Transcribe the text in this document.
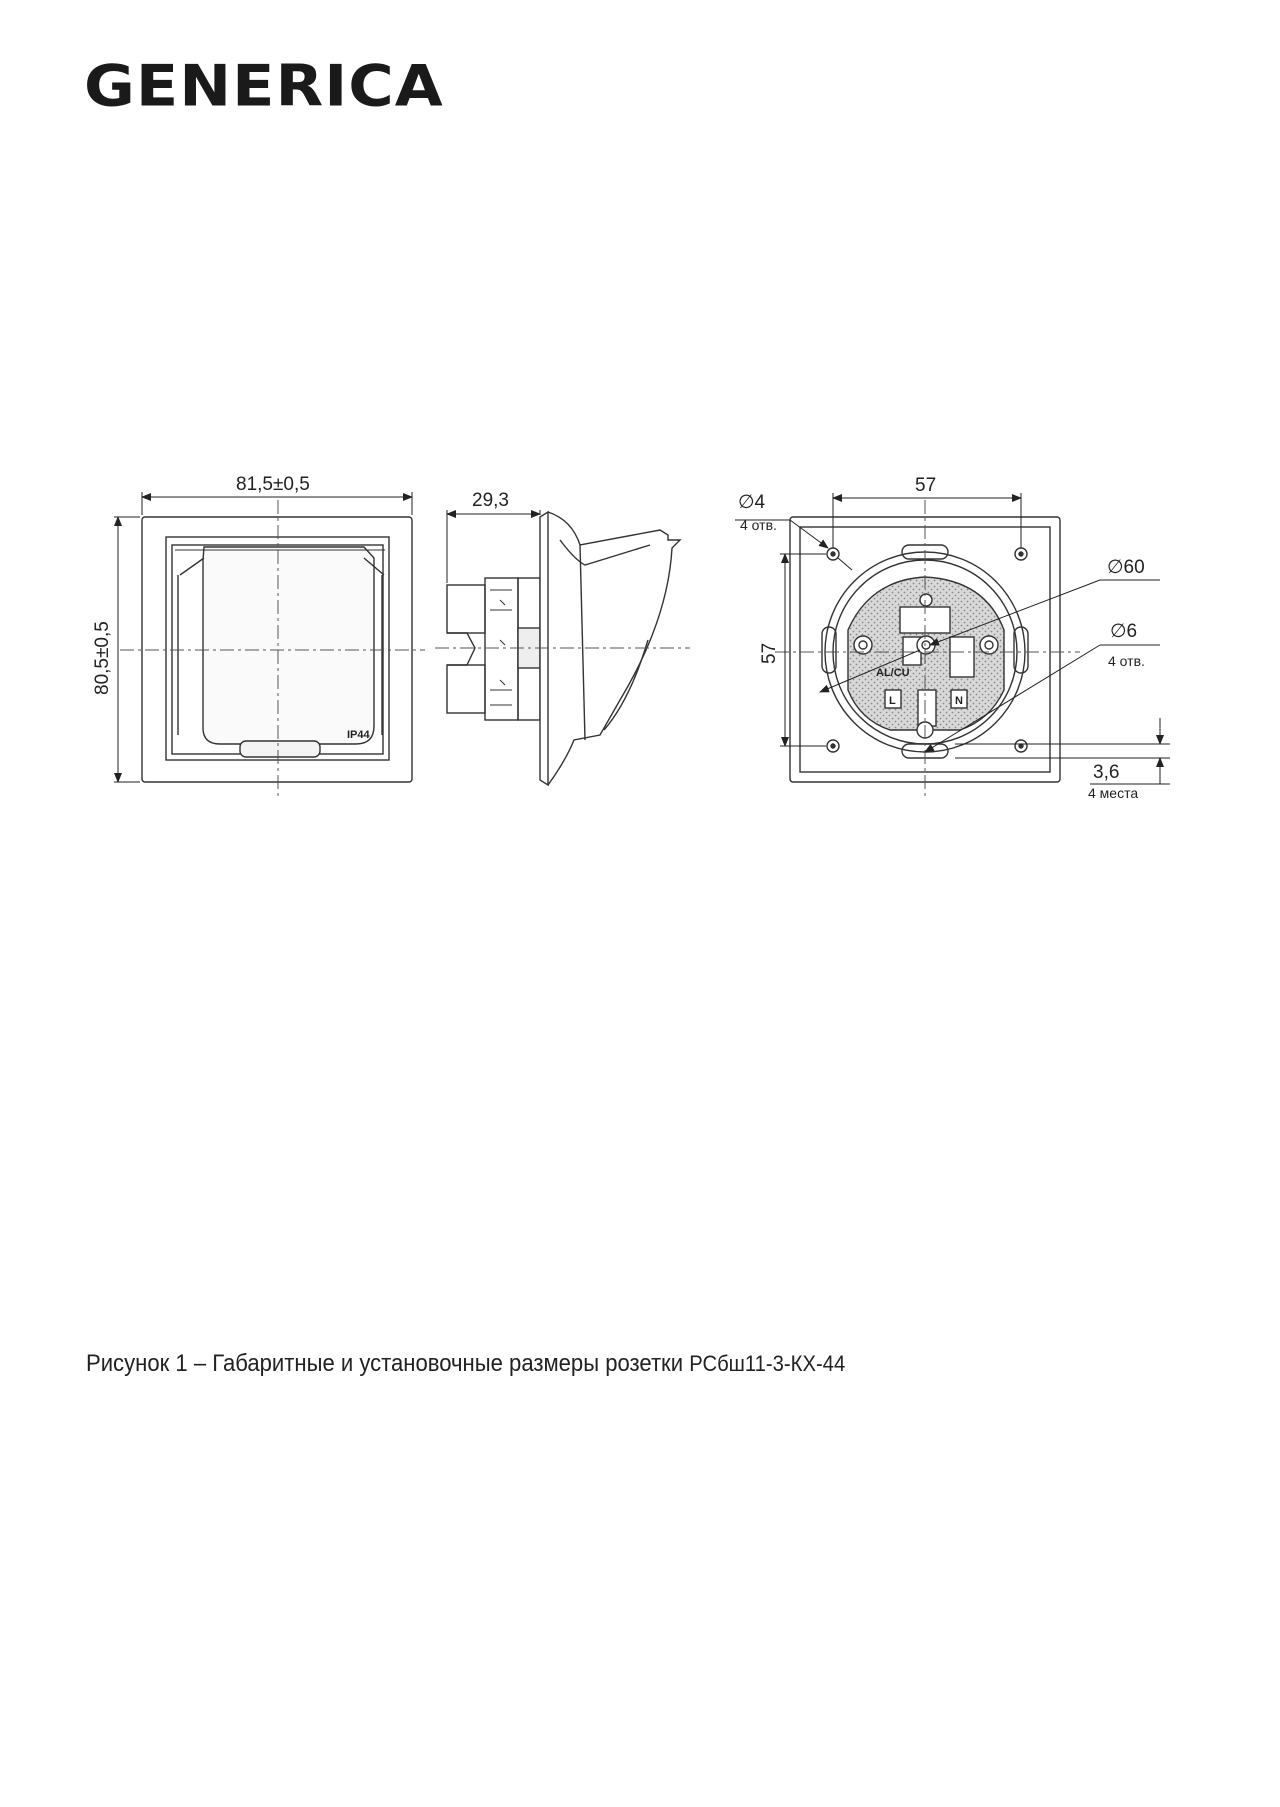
GENERICA
IP44
81,5±0,5
80,5±0,5
29,3
AL/CU
L	N
57
57
∅4
4 отв.
∅60
∅6
4 отв.
3,6
4 места
Рисунок 1 – Габаритные и установочные размеры розетки РСбш11-3-КХ-44
